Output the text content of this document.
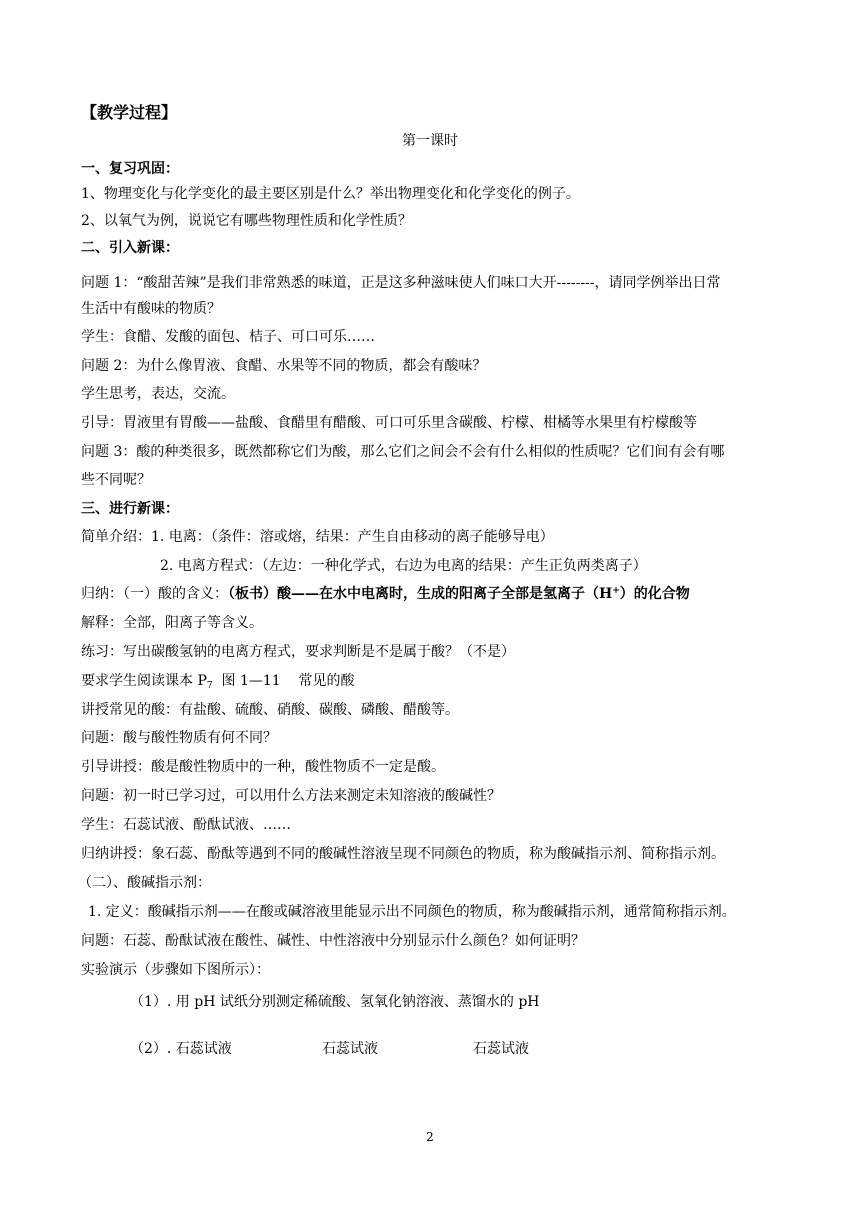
【教学过程】
第一课时
一、复习巩固：
1、物理变化与化学变化的最主要区别是什么？举出物理变化和化学变化的例子。
2、以氧气为例，说说它有哪些物理性质和化学性质？
二、引入新课：
问题 1：“酸甜苦辣”是我们非常熟悉的味道，正是这多种滋味使人们味口大开--------，请同学例举出日常
生活中有酸味的物质？
学生：食醋、发酸的面包、桔子、可口可乐……
问题 2：为什么像胃液、食醋、水果等不同的物质，都会有酸味？
学生思考，表达，交流。
引导：胃液里有胃酸——盐酸、食醋里有醋酸、可口可乐里含碳酸、柠檬、柑橘等水果里有柠檬酸等
问题 3：酸的种类很多，既然都称它们为酸，那么它们之间会不会有什么相似的性质呢？它们间有会有哪
些不同呢？
三、进行新课：
简单介绍：1. 电离：（条件：溶或熔，结果：产生自由移动的离子能够导电）
2. 电离方程式：（左边：一种化学式，右边为电离的结果：产生正负两类离子）
归纳：（一）酸的含义：（板书）酸——在水中电离时，生成的阳离子全部是氢离子（H+）的化合物
解释：全部，阳离子等含义。
练习：写出碳酸氢钠的电离方程式，要求判断是不是属于酸？（不是）
要求学生阅读课本 $P_7$  图 1—11    常见的酸
讲授常见的酸：有盐酸、硫酸、硝酸、碳酸、磷酸、醋酸等。
问题：酸与酸性物质有何不同？
引导讲授：酸是酸性物质中的一种，酸性物质不一定是酸。
问题：初一时已学习过，可以用什么方法来测定未知溶液的酸碱性？
学生：石蕊试液、酚酞试液、……
归纳讲授：象石蕊、酚酞等遇到不同的酸碱性溶液呈现不同颜色的物质，称为酸碱指示剂、简称指示剂。
（二）、酸碱指示剂：
1. 定义：酸碱指示剂——在酸或碱溶液里能显示出不同颜色的物质，称为酸碱指示剂，通常简称指示剂。
问题：石蕊、酚酞试液在酸性、碱性、中性溶液中分别显示什么颜色？如何证明？
实验演示（步骤如下图所示）：
（1）. 用 pH 试纸分别测定稀硫酸、氢氧化钠溶液、蒸馏水的 pH
（2）. 石蕊试液	石蕊试液	石蕊试液
2
